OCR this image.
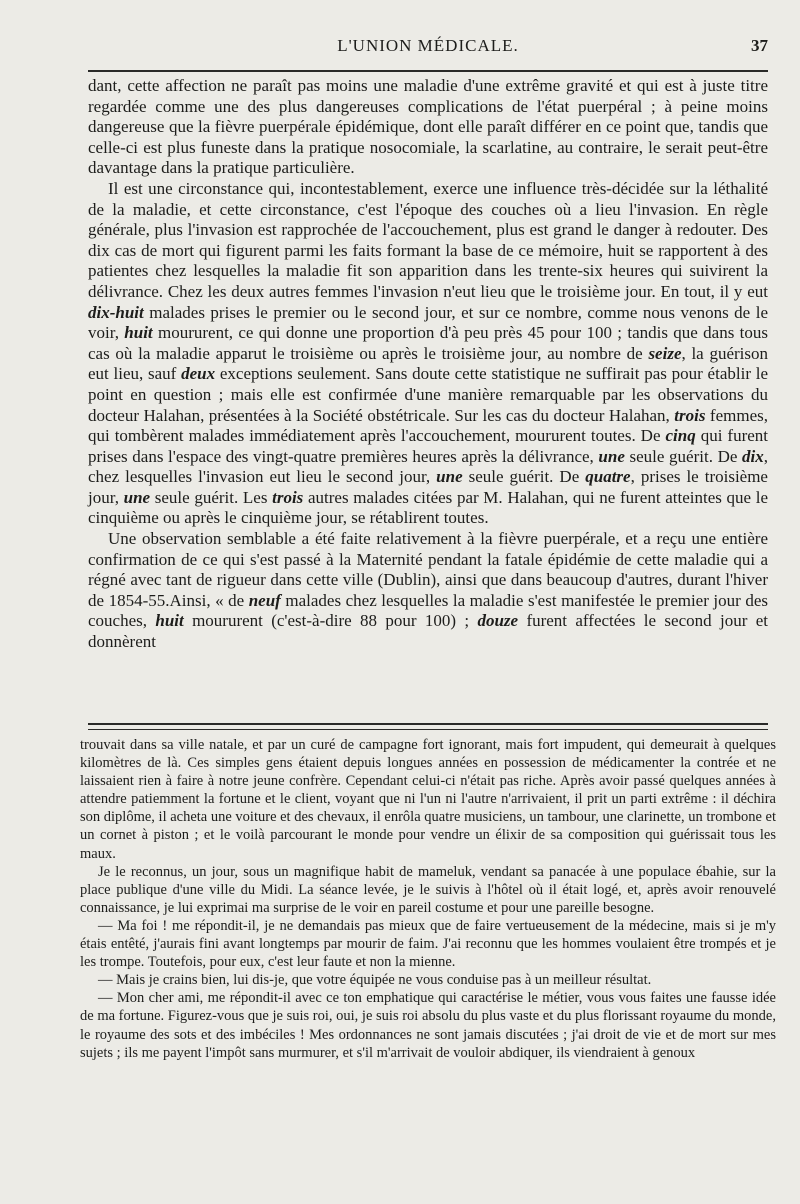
L'UNION MÉDICALE.	37

dant, cette affection ne paraît pas moins une maladie d'une extrême gravité et qui est à juste titre regardée comme une des plus dangereuses complications de l'état puerpéral ; à peine moins dangereuse que la fièvre puerpérale épidémique, dont elle paraît différer en ce point que, tandis que celle-ci est plus funeste dans la pratique nosocomiale, la scarlatine, au contraire, le serait peut-être davantage dans la pratique particulière.

Il est une circonstance qui, incontestablement, exerce une influence très-décidée sur la léthalité de la maladie, et cette circonstance, c'est l'époque des couches où a lieu l'invasion. En règle générale, plus l'invasion est rapprochée de l'accouchement, plus est grand le danger à redouter. Des dix cas de mort qui figurent parmi les faits formant la base de ce mémoire, huit se rapportent à des patientes chez lesquelles la maladie fit son apparition dans les trente-six heures qui suivirent la délivrance. Chez les deux autres femmes l'invasion n'eut lieu que le troisième jour. En tout, il y eut dix-huit malades prises le premier ou le second jour, et sur ce nombre, comme nous venons de le voir, huit moururent, ce qui donne une proportion d'à peu près 45 pour 100 ; tandis que dans tous cas où la maladie apparut le troisième ou après le troisième jour, au nombre de seize, la guérison eut lieu, sauf deux exceptions seulement. Sans doute cette statistique ne suffirait pas pour établir le point en question ; mais elle est confirmée d'une manière remarquable par les observations du docteur Halahan, présentées à la Société obstétricale. Sur les cas du docteur Halahan, trois femmes, qui tombèrent malades immédiatement après l'accouchement, moururent toutes. De cinq qui furent prises dans l'espace des vingt-quatre premières heures après la délivrance, une seule guérit. De dix, chez lesquelles l'invasion eut lieu le second jour, une seule guérit. De quatre, prises le troisième jour, une seule guérit. Les trois autres malades citées par M. Halahan, qui ne furent atteintes que le cinquième ou après le cinquième jour, se rétablirent toutes.

Une observation semblable a été faite relativement à la fièvre puerpérale, et a reçu une entière confirmation de ce qui s'est passé à la Maternité pendant la fatale épidémie de cette maladie qui a régné avec tant de rigueur dans cette ville (Dublin), ainsi que dans beaucoup d'autres, durant l'hiver de 1854-55.Ainsi, « de neuf malades chez lesquelles la maladie s'est manifestée le premier jour des couches, huit moururent (c'est-à-dire 88 pour 100) ; douze furent affectées le second jour et donnèrent

trouvait dans sa ville natale, et par un curé de campagne fort ignorant, mais fort impudent, qui demeurait à quelques kilomètres de là. Ces simples gens étaient depuis longues années en possession de médicamenter la contrée et ne laissaient rien à faire à notre jeune confrère. Cependant celui-ci n'était pas riche. Après avoir passé quelques années à attendre patiemment la fortune et le client, voyant que ni l'un ni l'autre n'arrivaient, il prit un parti extrême : il déchira son diplôme, il acheta une voiture et des chevaux, il enrôla quatre musiciens, un tambour, une clarinette, un trombone et un cornet à piston ; et le voilà parcourant le monde pour vendre un élixir de sa composition qui guérissait tous les maux.

Je le reconnus, un jour, sous un magnifique habit de mameluk, vendant sa panacée à une populace ébahie, sur la place publique d'une ville du Midi. La séance levée, je le suivis à l'hôtel où il était logé, et, après avoir renouvelé connaissance, je lui exprimai ma surprise de le voir en pareil costume et pour une pareille besogne.

— Ma foi ! me répondit-il, je ne demandais pas mieux que de faire vertueusement de la médecine, mais si je m'y étais entêté, j'aurais fini avant longtemps par mourir de faim. J'ai reconnu que les hommes voulaient être trompés et je les trompe. Toutefois, pour eux, c'est leur faute et non la mienne.

— Mais je crains bien, lui dis-je, que votre équipée ne vous conduise pas à un meilleur résultat.

— Mon cher ami, me répondit-il avec ce ton emphatique qui caractérise le métier, vous vous faites une fausse idée de ma fortune. Figurez-vous que je suis roi, oui, je suis roi absolu du plus vaste et du plus florissant royaume du monde, le royaume des sots et des imbéciles ! Mes ordonnances ne sont jamais discutées ; j'ai droit de vie et de mort sur mes sujets ; ils me payent l'impôt sans murmurer, et s'il m'arrivait de vouloir abdiquer, ils viendraient à genoux
